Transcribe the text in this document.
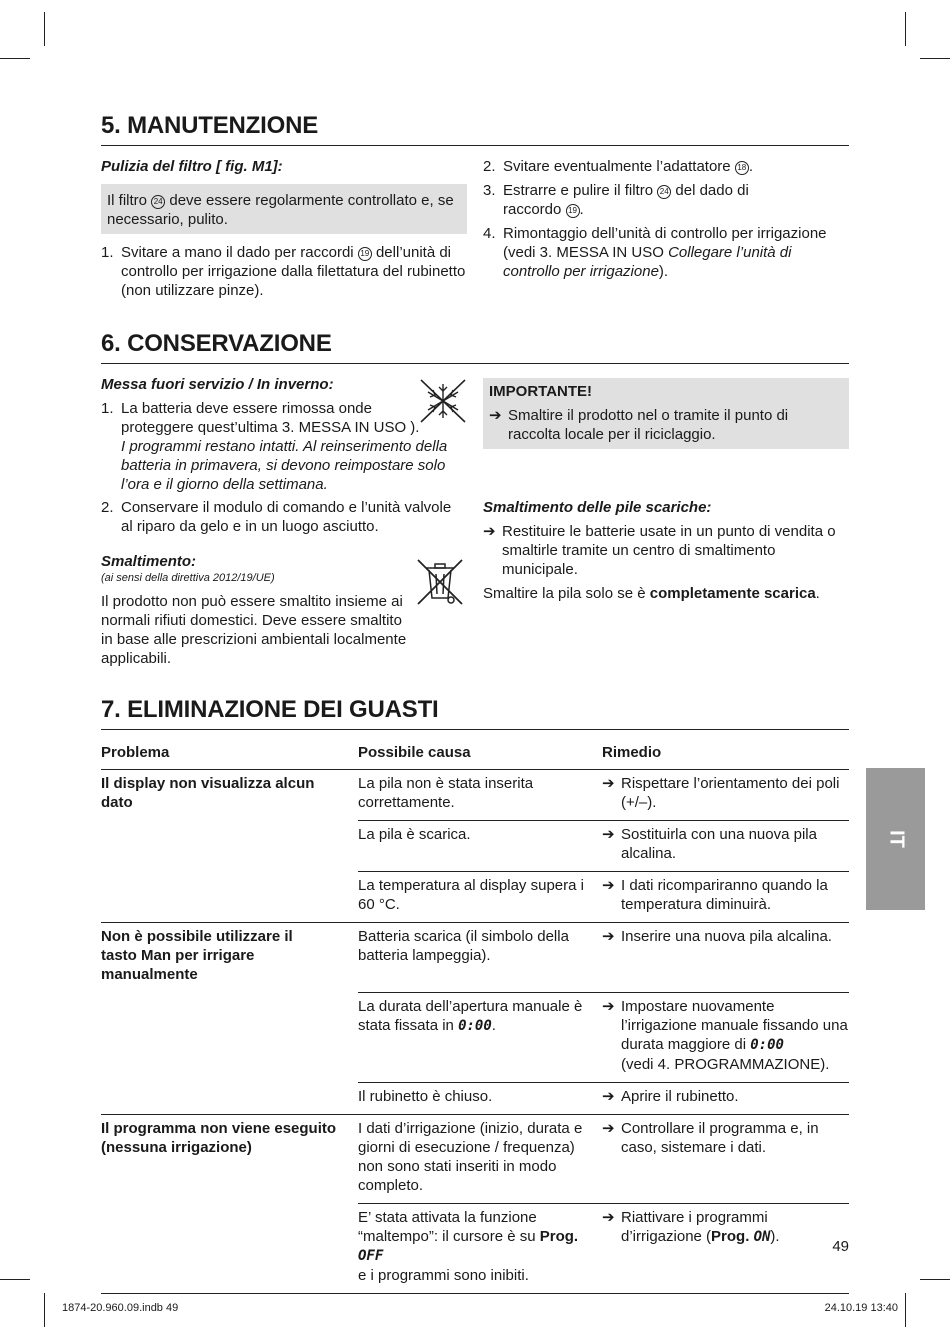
5. MANUTENZIONE
Pulizia del filtro [ fig. M1]:
Il filtro 24 deve essere regolarmente controllato e, se necessario, pulito.
1. Svitare a mano il dado per raccordi 19 dell’unità di controllo per irrigazione dalla filettatura del rubinetto (non utilizzare pinze).
2. Svitare eventualmente l’adattatore 18 .
3. Estrarre e pulire il filtro 24 del dado di raccordo 19 .
4. Rimontaggio dell’unità di controllo per irrigazione (vedi 3. MESSA IN USO Collegare l’unità di controllo per irrigazione).
6. CONSERVAZIONE
Messa fuori servizio / In inverno:
1. La batteria deve essere rimossa onde proteggere quest’ultima 3. MESSA IN USO ).
I programmi restano intatti. Al reinserimento della batteria in primavera, si devono reimpostare solo l’ora e il giorno della settimana.
2. Conservare il modulo di comando e l’unità valvole al riparo da gelo e in un luogo asciutto.
Smaltimento:
(ai sensi della direttiva 2012/19/UE)
Il prodotto non può essere smaltito insieme ai normali rifiuti domestici. Deve essere smaltito in base alle prescrizioni ambientali localmente applicabili.
IMPORTANTE!
➔ Smaltire il prodotto nel o tramite il punto di raccolta locale per il riciclaggio.
Smaltimento delle pile scariche:
➔ Restituire le batterie usate in un punto di vendita o smaltirle tramite un centro di smaltimento municipale.
Smaltire la pila solo se è completamente scarica.
7. ELIMINAZIONE DEI GUASTI
Problema	Possibile causa	Rimedio
Il display non visualizza alcun dato	La pila non è stata inserita correttamente.	➔ Rispettare l’orientamento dei poli (+/–).

	La pila è scarica.	➔ Sostituirla con una nuova pila alcalina.

	La temperatura al display supera i 60 °C.	➔ I dati ricompariranno quando la temperatura diminuirà.

Non è possibile utilizzare il tasto Man per irrigare manualmente	Batteria scarica (il simbolo della batteria lampeggia).	➔ Inserire una nuova pila alcalina.

	La durata dell’apertura manuale è stata fissata in 0:00.	➔ Impostare nuovamente l’irrigazione manuale fissando una durata maggiore di 0:00
(vedi 4. PROGRAMMAZIONE).

	Il rubinetto è chiuso.	➔ Aprire il rubinetto.

Il programma non viene eseguito (nessuna irrigazione)	I dati d’irrigazione (inizio, durata e giorni di esecuzione / frequenza) non sono stati inseriti in modo completo.	➔ Controllare il programma e, in caso, sistemare i dati.

	E’ stata attivata la funzione “maltempo”: il cursore è su Prog. OFF
e i programmi sono inibiti.	➔ Riattivare i programmi d’irrigazione (Prog. ON).
IT
49
1874-20.960.09.indb 49	24.10.19 13:40
